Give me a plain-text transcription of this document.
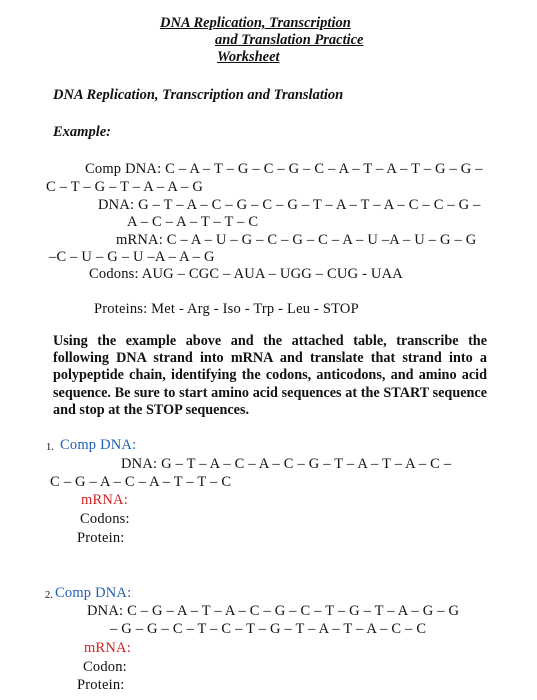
DNA Replication, Transcription
and Translation Practice
Worksheet
DNA Replication, Transcription and Translation
Example:
Comp DNA: C – A – T – G – C – G – C – A – T – A – T – G – G –
C – T – G – T – A – A – G
DNA: G – T – A – C – G – C – G – T – A – T – A – C – C – G –
A – C – A – T – T – C
mRNA: C – A – U – G – C – G – C – A – U –A – U – G – G
–C – U – G – U –A – A – G
Codons: AUG – CGC – AUA – UGG – CUG - UAA
Proteins: Met - Arg - Iso - Trp - Leu - STOP
Using the example above and the attached table, transcribe the following DNA strand into mRNA and translate that strand into a polypeptide chain, identifying the codons, anticodons, and amino acid sequence. Be sure to start amino acid sequences at the START sequence and stop at the STOP sequences.
1. Comp DNA:
DNA: G – T – A – C – A – C – G – T – A – T – A – C –
C – G – A – C – A – T – T – C
mRNA:
Codons:
Protein:
2. Comp DNA:
DNA: C – G – A – T – A – C – G – C – T – G – T – A – G – G
– G – G – C – T – C – T – G – T – A – T – A – C – C
mRNA:
Codon:
Protein:
